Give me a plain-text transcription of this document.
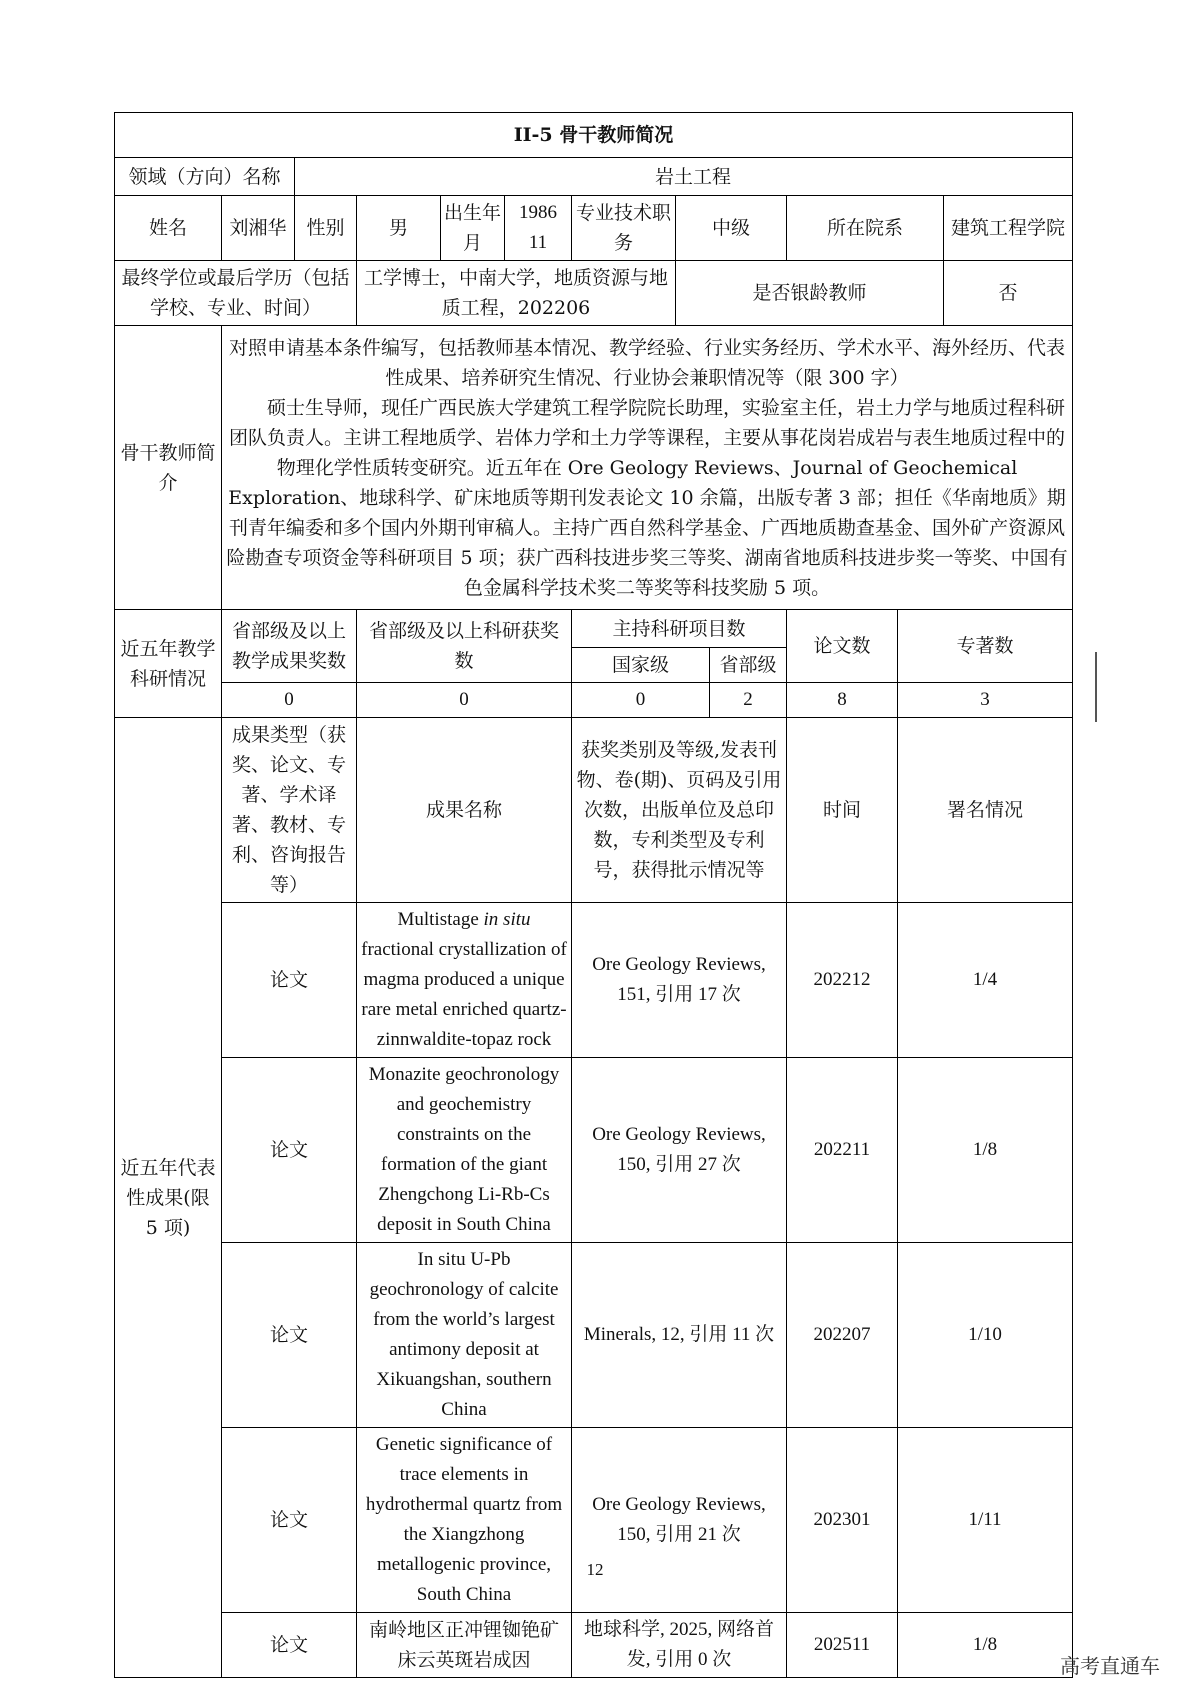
II-5 骨干教师简况											
领域（方向）名称		岩土工程									
姓名	刘湘华	性别	男	出生年月	1986 11	专业技术职　务	中级		所在院系		建筑工程学院
最终学位或最后学历（包括学校、专业、时间）			工学博士，中南大学，地质资源与地质工程，202206				是否银龄教师				否
骨干教师简介	对照申请基本条件编写，包括教师基本情况、教学经验、行业实务经历、学术水平、海外经历、代表性成果、培养研究生情况、行业协会兼职情况等（限 300 字）
硕士生导师，现任广西民族大学建筑工程学院院长助理，实验室主任，岩土力学与地质过程科研团队负责人。主讲工程地质学、岩体力学和土力学等课程，主要从事花岗岩成岩与表生地质过程中的物理化学性质转变研究。近五年在 Ore Geology Reviews、Journal of Geochemical Exploration、地球科学、矿床地质等期刊发表论文 10 余篇，出版专著 3 部；担任《华南地质》期刊青年编委和多个国内外期刊审稿人。主持广西自然科学基金、广西地质勘查基金、国外矿产资源风险勘查专项资金等科研项目 5 项；获广西科技进步奖三等奖、湖南省地质科技进步奖一等奖、中国有色金属科学技术奖二等奖等科技奖励 5 项。										

近五年教学科研情况	省部级及以上教学成果奖数		省部级及以上科研获奖数			主持科研项目数			论文数	专著数	
						国家级		省部级			
	0		0			0		2	8	3	
近五年代表性成果(限 5 项)	成果类型（获奖、论文、专著、学术译著、教材、专利、咨询报告等）		成果名称			获奖类别及等级,发表刊物、卷(期)、页码及引用次数，出版单位及总印数，专利类型及专利号，获得批示情况等			时间	署名情况	
	论文		Multistage in situ fractional crystallization of magma produced a unique rare metal enriched quartz-zinnwaldite-topaz rock			Ore Geology Reviews, 151, 引用 17 次			202212	1/4	
	论文		Monazite geochronology and geochemistry constraints on the formation of the giant Zhengchong Li-Rb-Cs deposit in South China			Ore Geology Reviews, 150, 引用 27 次			202211	1/8	
	论文		In situ U-Pb geochronology of calcite from the world’s largest antimony deposit at Xikuangshan, southern China			Minerals, 12, 引用 11 次			202207	1/10	
	论文		Genetic significance of trace elements in hydrothermal quartz from the Xiangzhong metallogenic province, South China			Ore Geology Reviews, 150, 引用 21 次			202301	1/11	
	论文		南岭地区正冲锂铷铯矿床云英斑岩成因			地球科学, 2025, 网络首发, 引用 0 次			202511	1/8	
12
高考直通车
